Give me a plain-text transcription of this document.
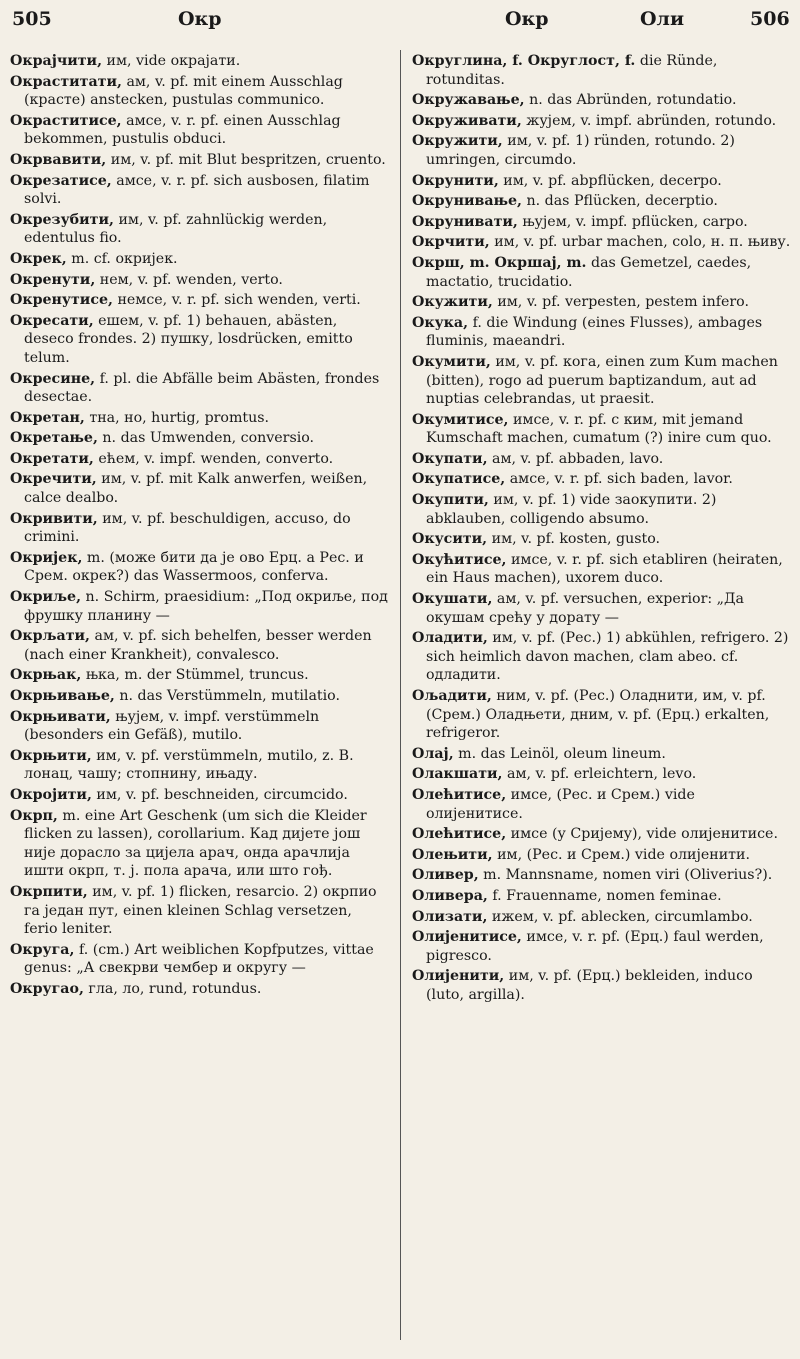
505	Окр	Окр	Оли	506

Окрајчити, им, vide окрајати.

Окраститати, ам, v. pf. mit einem Ausschlag (красте) anstecken, pustulas communico.

Окраститисе, амсе, v. r. pf. einen Ausschlag bekommen, pustulis obduci.

Окрвавити, им, v. pf. mit Blut bespritzen, cruento.

Окрезатисе, амсе, v. r. pf. sich ausbosen, filatim solvi.

Окрезубити, им, v. pf. zahnlückig werden, edentulus fio.

Окрек, m. cf. окријек.

Окренути, нем, v. pf. wenden, verto.

Окренутисе, немсе, v. r. pf. sich wenden, verti.

Окресати, ешем, v. pf. 1) behauen, abästen, deseco frondes. 2) пушку, losdrücken, emitto telum.

Окресине, f. pl. die Abfälle beim Abästen, frondes desectae.

Окретан, тна, но, hurtig, promtus.

Окретање, n. das Umwenden, conversio.

Окретати, ећем, v. impf. wenden, converto.

Окречити, им, v. pf. mit Kalk anwerfen, weißen, calce dealbo.

Окривити, им, v. pf. beschuldigen, accuso, do crimini.

Окријек, m. (може бити да је ово Ерц. а Рес. и Срем. окрек?) das Wassermoos, conferva.

Окриље, n. Schirm, praesidium: „Под окриље, под фрушку планину —

Окрљати, ам, v. pf. sich behelfen, besser werden (nach einer Krankheit), convalesco.

Окрњак, њка, m. der Stümmel, truncus.

Окрњивање, n. das Verstümmeln, mutilatio.

Окрњивати, њујем, v. impf. verstümmeln (besonders ein Gefäß), mutilo.

Окрњити, им, v. pf. verstümmeln, mutilo, z. B. лонац, чашу; стопнину, ињаду.

Окројити, им, v. pf. beschneiden, circumcido.

Окрп, m. eine Art Geschenk (um sich die Kleider flicken zu lassen), corollarium. Кад дијете још није дорасло за цијела арач, онда арачлија ишти окрп, т. ј. пола арача, или што гођ.

Окрпити, им, v. pf. 1) flicken, resarcio. 2) окрпио га један пут, einen kleinen Schlag versetzen, ferio leniter.

Округа, f. (cm.) Art weiblichen Kopfputzes, vittae genus: „А свекрви чембер и округу —

Округао, гла, ло, rund, rotundus.

Округлина, f. Округлост, f. die Ründe, rotunditas.

Окружавање, n. das Abründen, rotundatio.

Окруживати, жујем, v. impf. abründen, rotundo.

Окружити, им, v. pf. 1) ründen, rotundo. 2) umringen, circumdo.

Окрунити, им, v. pf. abpflücken, decerpo.

Окрунивање, n. das Pflücken, decerptio.

Окрунивати, њујем, v. impf. pflücken, carpo.

Окрчити, им, v. pf. urbar machen, colo, н. п. њиву.

Окрш, m. Окршај, m. das Gemetzel, caedes, mactatio, trucidatio.

Окужити, им, v. pf. verpesten, pestem infero.

Окука, f. die Windung (eines Flusses), ambages fluminis, maeandri.

Окумити, им, v. pf. кога, einen zum Kum machen (bitten), rogo ad puerum baptizandum, aut ad nuptias celebrandas, ut praesit.

Окумитисе, имсе, v. r. pf. с ким, mit jemand Kumschaft machen, cumatum (?) inire cum quo.

Окупати, ам, v. pf. abbaden, lavo.

Окупатисе, амсе, v. r. pf. sich baden, lavor.

Окупити, им, v. pf. 1) vide заокупити. 2) abklauben, colligendo absumo.

Окусити, им, v. pf. kosten, gusto.

Окућитисе, имсе, v. r. pf. sich etabliren (heiraten, ein Haus machen), uxorem duco.

Окушати, ам, v. pf. versuchen, experior: „Да окушам срећу у дорату —

Оладити, им, v. pf. (Рес.) 1) abkühlen, refrigero. 2) sich heimlich davon machen, clam abeo. cf. одладити.

Ољадити, ним, v. pf. (Рес.) Оладнити, им, v. pf. (Срем.) Оладњети, дним, v. pf. (Ерц.) erkalten, refrigeror.

Олај, m. das Leinöl, oleum lineum.

Олакшати, ам, v. pf. erleichtern, levo.

Олећитисе, имсе, (Рес. и Срем.) vide олијенитисе.

Олећитисе, имсе (у Сријему), vide олијенитисе.

Олењити, им, (Рес. и Срем.) vide олијенити.

Оливер, m. Mannsname, nomen viri (Oliverius?).

Оливера, f. Frauenname, nomen feminae.

Олизати, ижем, v. pf. ablecken, circumlambo.

Олијенитисе, имсе, v. r. pf. (Ерц.) faul werden, pigresco.

Олијенити, им, v. pf. (Ерц.) bekleiden, induco (luto, argilla).
